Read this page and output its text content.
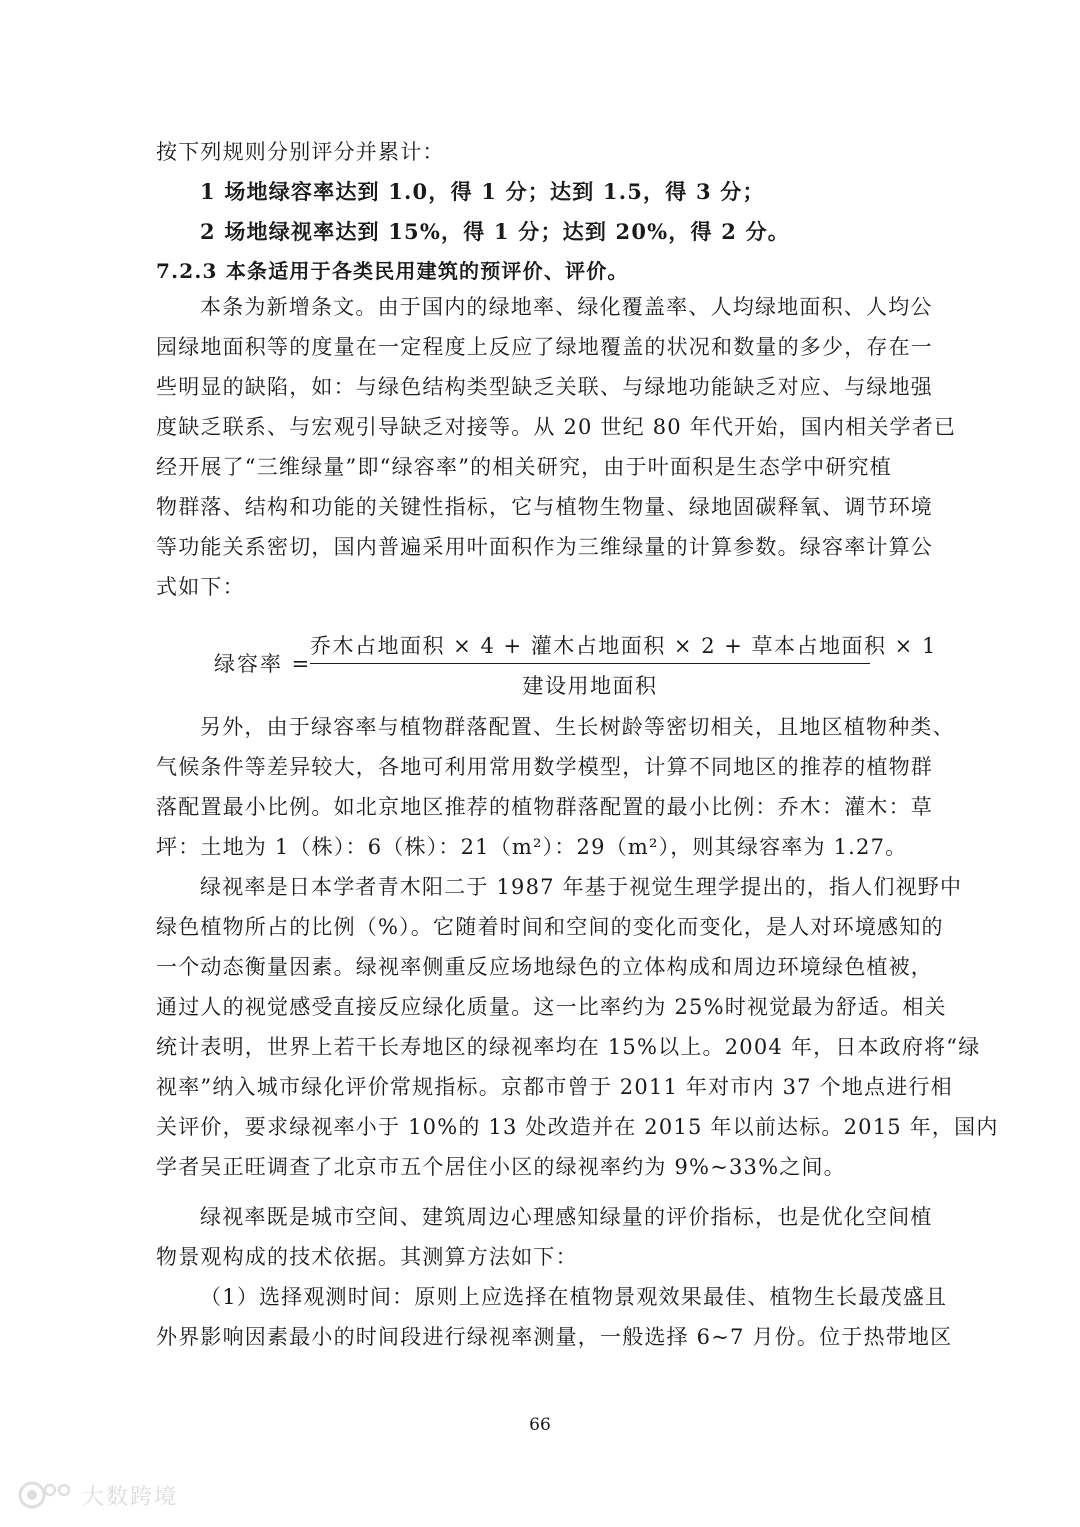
按下列规则分别评分并累计：
1 场地绿容率达到 1.0，得 1 分；达到 1.5，得 3 分；
2 场地绿视率达到 15%，得 1 分；达到 20%，得 2 分。
7.2.3 本条适用于各类民用建筑的预评价、评价。
本条为新增条文。由于国内的绿地率、绿化覆盖率、人均绿地面积、人均公
园绿地面积等的度量在一定程度上反应了绿地覆盖的状况和数量的多少，存在一
些明显的缺陷，如：与绿色结构类型缺乏关联、与绿地功能缺乏对应、与绿地强
度缺乏联系、与宏观引导缺乏对接等。从 20 世纪 80 年代开始，国内相关学者已
经开展了“三维绿量”即“绿容率”的相关研究，由于叶面积是生态学中研究植
物群落、结构和功能的关键性指标，它与植物生物量、绿地固碳释氧、调节环境
等功能关系密切，国内普遍采用叶面积作为三维绿量的计算参数。绿容率计算公
式如下：
绿容率 =
乔木占地面积 × 4 + 灌木占地面积 × 2 + 草本占地面积 × 1
建设用地面积
另外，由于绿容率与植物群落配置、生长树龄等密切相关，且地区植物种类、
气候条件等差异较大，各地可利用常用数学模型，计算不同地区的推荐的植物群
落配置最小比例。如北京地区推荐的植物群落配置的最小比例：乔木：灌木：草
坪：土地为 1（株）：6（株）：21（m²）：29（m²），则其绿容率为 1.27。
绿视率是日本学者青木阳二于 1987 年基于视觉生理学提出的，指人们视野中
绿色植物所占的比例（%）。它随着时间和空间的变化而变化，是人对环境感知的
一个动态衡量因素。绿视率侧重反应场地绿色的立体构成和周边环境绿色植被，
通过人的视觉感受直接反应绿化质量。这一比率约为 25%时视觉最为舒适。相关
统计表明，世界上若干长寿地区的绿视率均在 15%以上。2004 年，日本政府将“绿
视率”纳入城市绿化评价常规指标。京都市曾于 2011 年对市内 37 个地点进行相
关评价，要求绿视率小于 10%的 13 处改造并在 2015 年以前达标。2015 年，国内
学者吴正旺调查了北京市五个居住小区的绿视率约为 9%~33%之间。
绿视率既是城市空间、建筑周边心理感知绿量的评价指标，也是优化空间植
物景观构成的技术依据。其测算方法如下：
（1）选择观测时间：原则上应选择在植物景观效果最佳、植物生长最茂盛且
外界影响因素最小的时间段进行绿视率测量，一般选择 6~7 月份。位于热带地区
66
大数跨境
